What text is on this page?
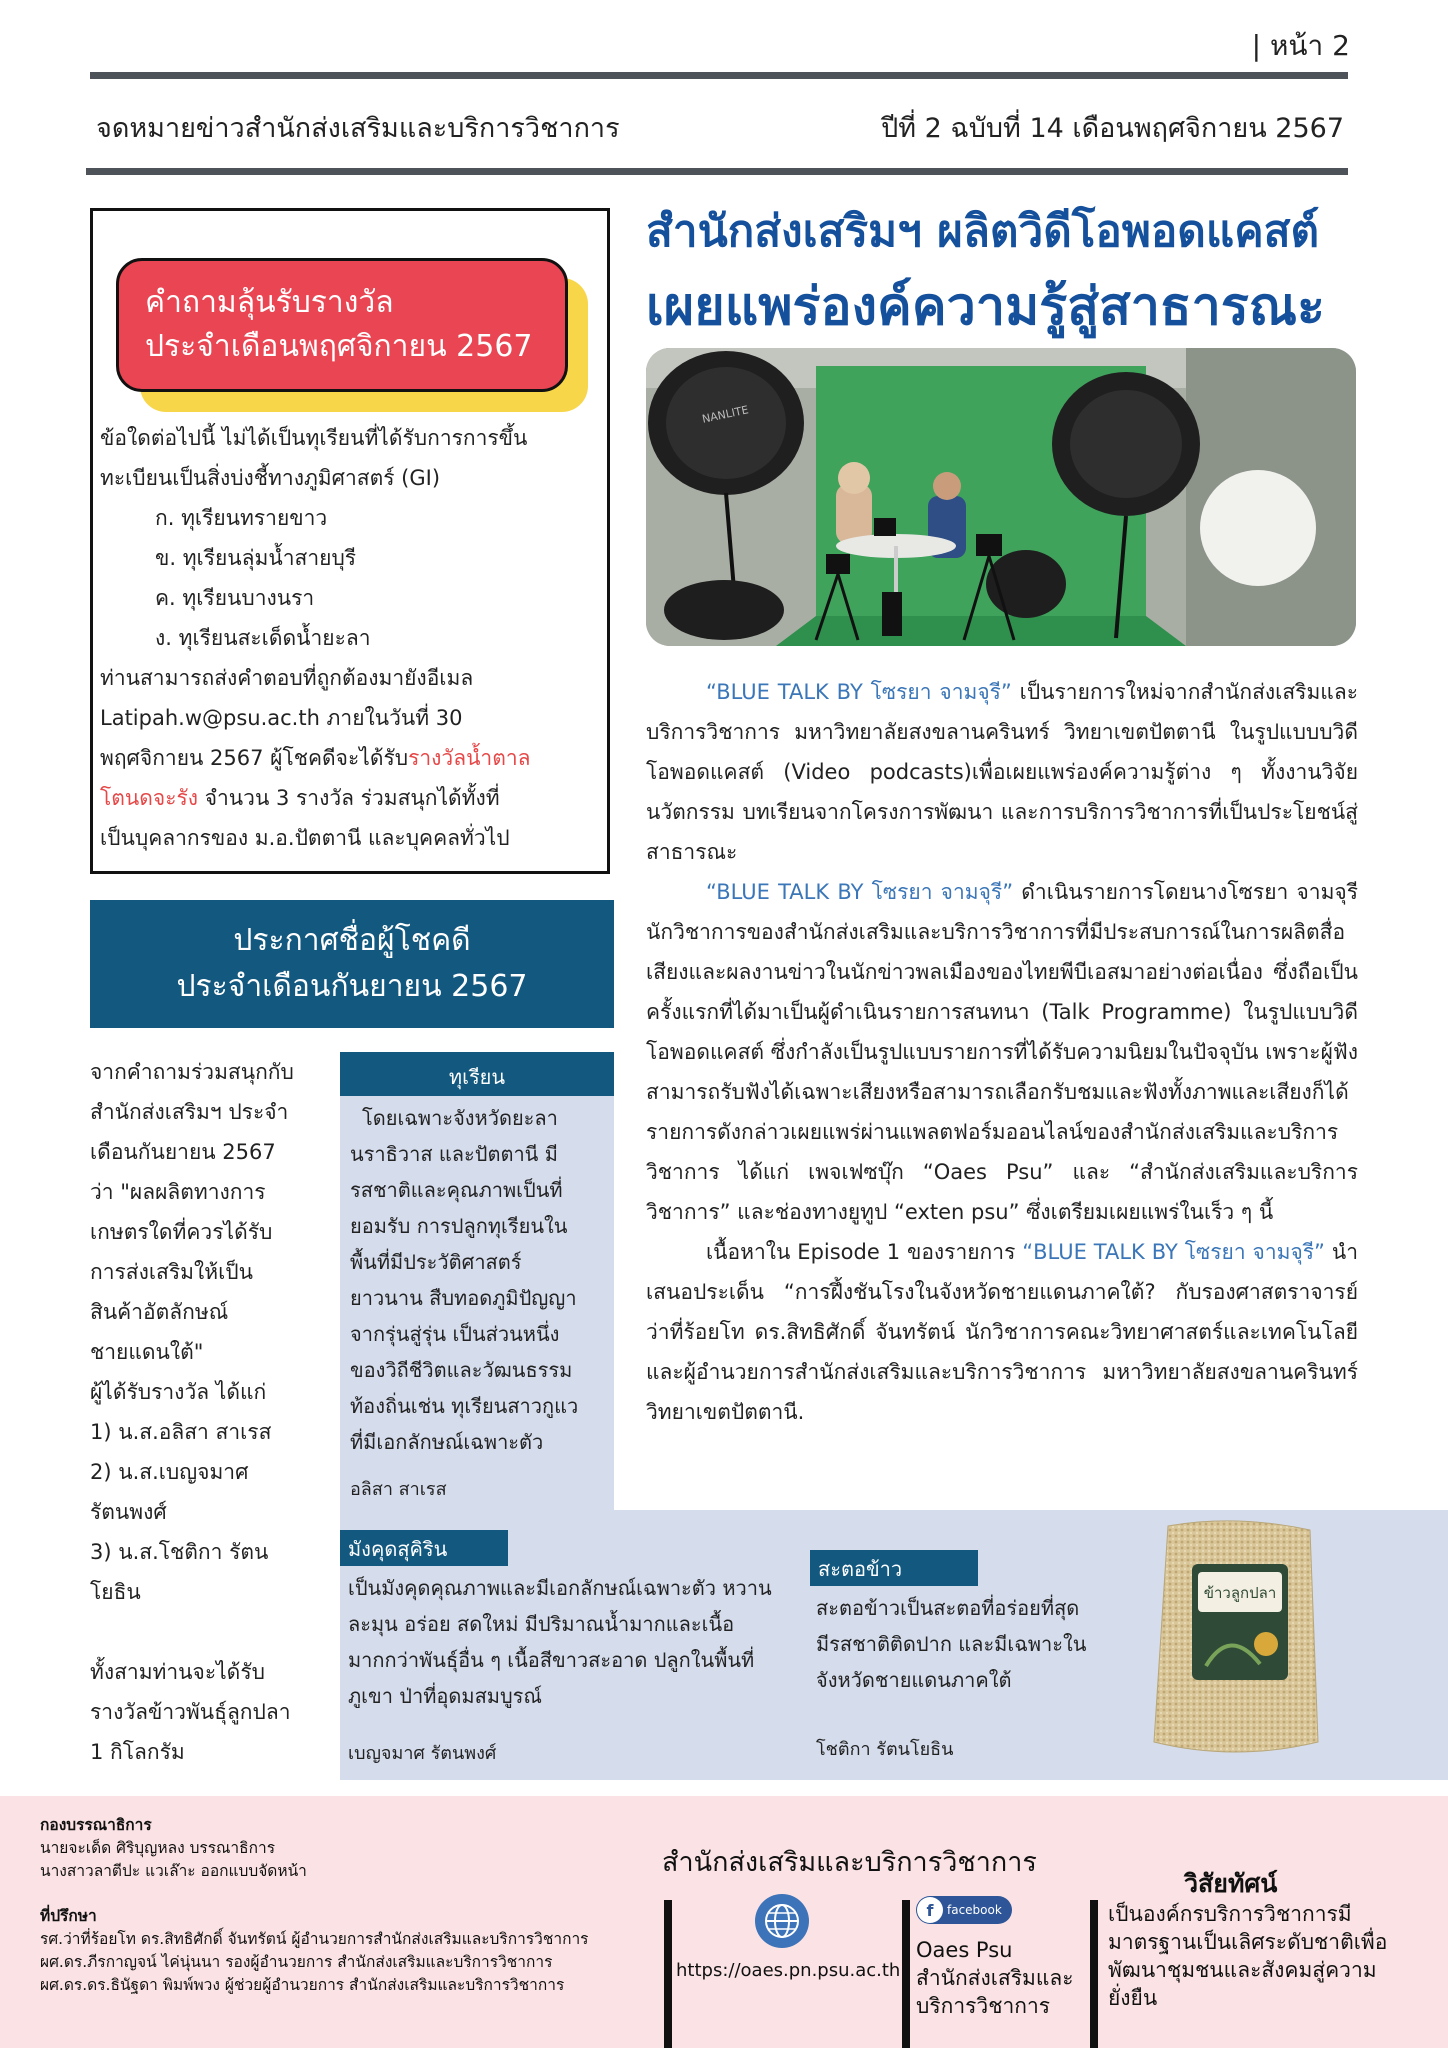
| หน้า 2
จดหมายข่าวสำนักส่งเสริมและบริการวิชาการ	ปีที่ 2 ฉบับที่ 14 เดือนพฤศจิกายน 2567
คำถามลุ้นรับรางวัล
ประจำเดือนพฤศจิกายน 2567
ข้อใดต่อไปนี้ ไม่ได้เป็นทุเรียนที่ได้รับการการขึ้น
ทะเบียนเป็นสิ่งบ่งชี้ทางภูมิศาสตร์ (GI)
ก. ทุเรียนทรายขาว
ข. ทุเรียนลุ่มน้ำสายบุรี
ค. ทุเรียนบางนรา
ง. ทุเรียนสะเด็ดน้ำยะลา
ท่านสามารถส่งคำตอบที่ถูกต้องมายังอีเมล
Latipah.w@psu.ac.th ภายในวันที่ 30
พฤศจิกายน 2567 ผู้โชคดีจะได้รับรางวัลน้ำตาล
โตนดจะรัง จำนวน 3 รางวัล ร่วมสนุกได้ทั้งที่
เป็นบุคลากรของ ม.อ.ปัตตานี และบุคคลทั่วไป
ประกาศชื่อผู้โชคดี
ประจำเดือนกันยายน 2567
จากคำถามร่วมสนุกกับ
สำนักส่งเสริมฯ ประจำ
เดือนกันยายน 2567
ว่า "ผลผลิตทางการ
เกษตรใดที่ควรได้รับ
การส่งเสริมให้เป็น
สินค้าอัตลักษณ์
ชายแดนใต้"
ผู้ได้รับรางวัล ได้แก่
1) น.ส.อลิสา สาเรส
2) น.ส.เบญจมาศ
รัตนพงศ์
3) น.ส.โชติกา รัตน
โยธิน
ทั้งสามท่านจะได้รับ
รางวัลข้าวพันธุ์ลูกปลา
1 กิโลกรัม
ทุเรียน
โดยเฉพาะจังหวัดยะลา
นราธิวาส และปัตตานี มี
รสชาติและคุณภาพเป็นที่
ยอมรับ การปลูกทุเรียนใน
พื้นที่มีประวัติศาสตร์
ยาวนาน สืบทอดภูมิปัญญา
จากรุ่นสู่รุ่น เป็นส่วนหนึ่ง
ของวิถีชีวิตและวัฒนธรรม
ท้องถิ่นเช่น ทุเรียนสาวกูแว
ที่มีเอกลักษณ์เฉพาะตัว
อลิสา สาเรส
มังคุดสุคิริน
เป็นมังคุดคุณภาพและมีเอกลักษณ์เฉพาะตัว หวาน
ละมุน อร่อย สดใหม่ มีปริมาณน้ำมากและเนื้อ
มากกว่าพันธุ์อื่น ๆ เนื้อสีขาวสะอาด ปลูกในพื้นที่
ภูเขา ป่าที่อุดมสมบูรณ์
เบญจมาศ รัตนพงศ์
สะตอข้าว
สะตอข้าวเป็นสะตอที่อร่อยที่สุด
มีรสชาติติดปาก และมีเฉพาะใน
จังหวัดชายแดนภาคใต้
โชติกา รัตนโยธิน
ข้าวลูกปลา
สำนักส่งเสริมฯ ผลิตวิดีโอพอดแคสต์
เผยแพร่องค์ความรู้สู่สาธารณะ
NANLITE
“BLUE TALK BY โซรยา จามจุรี” เป็นรายการใหม่จากสำนักส่งเสริมและบริการวิชาการ มหาวิทยาลัยสงขลานครินทร์ วิทยาเขตปัตตานี ในรูปแบบบวิดีโอพอดแคสต์ (Video podcasts)เพื่อเผยแพร่องค์ความรู้ต่าง ๆ ทั้งงานวิจัย นวัตกรรม บทเรียนจากโครงการพัฒนา และการบริการวิชาการที่เป็นประโยชน์สู่สาธารณะ
“BLUE TALK BY โซรยา จามจุรี” ดำเนินรายการโดยนางโซรยา จามจุรี นักวิชาการของสำนักส่งเสริมและบริการวิชาการที่มีประสบการณ์ในการผลิตสื่อเสียงและผลงานข่าวในนักข่าวพลเมืองของไทยพีบีเอสมาอย่างต่อเนื่อง ซึ่งถือเป็นครั้งแรกที่ได้มาเป็นผู้ดำเนินรายการสนทนา (Talk Programme) ในรูปแบบวิดีโอพอดแคสต์ ซึ่งกำลังเป็นรูปแบบรายการที่ได้รับความนิยมในปัจจุบัน เพราะผู้ฟังสามารถรับฟังได้เฉพาะเสียงหรือสามารถเลือกรับชมและฟังทั้งภาพและเสียงก็ได้ รายการดังกล่าวเผยแพร่ผ่านแพลตฟอร์มออนไลน์ของสำนักส่งเสริมและบริการวิชาการ ได้แก่ เพจเฟซบุ๊ก “Oaes Psu” และ “สำนักส่งเสริมและบริการวิชาการ” และช่องทางยูทูป “exten psu” ซึ่งเตรียมเผยแพร่ในเร็ว ๆ นี้
เนื้อหาใน Episode 1 ของรายการ “BLUE TALK BY โซรยา จามจุรี” นำเสนอประเด็น “การฝึ้งชันโรงในจังหวัดชายแดนภาคใต้? กับรองศาสตราจารย์ ว่าที่ร้อยโท ดร.สิทธิศักดิ์ จันทรัตน์ นักวิชาการคณะวิทยาศาสตร์และเทคโนโลยี และผู้อำนวยการสำนักส่งเสริมและบริการวิชาการ มหาวิทยาลัยสงขลานครินทร์ วิทยาเขตปัตตานี.
กองบรรณาธิการ
นายจะเด็ด ศิริบุญหลง บรรณาธิการ
นางสาวลาตีปะ แวเล๊าะ ออกแบบจัดหน้า
ที่ปรึกษา
รศ.ว่าที่ร้อยโท ดร.สิทธิศักดิ์ จันทรัตน์ ผู้อำนวยการสำนักส่งเสริมและบริการวิชาการ
ผศ.ดร.ภีรกาญจน์ ไค่นุ่นนา รองผู้อำนวยการ สำนักส่งเสริมและบริการวิชาการ
ผศ.ดร.ดร.ธินัฐดา พิมพ์พวง ผู้ช่วยผู้อำนวยการ สำนักส่งเสริมและบริการวิชาการ
สำนักส่งเสริมและบริการวิชาการ
https://oaes.pn.psu.ac.th
f facebook
Oaes Psu
สำนักส่งเสริมและ
บริการวิชาการ
วิสัยทัศน์
เป็นองค์กรบริการวิชาการมี
มาตรฐานเป็นเลิศระดับชาติเพื่อ
พัฒนาชุมชนและสังคมสู่ความ
ยั่งยืน
